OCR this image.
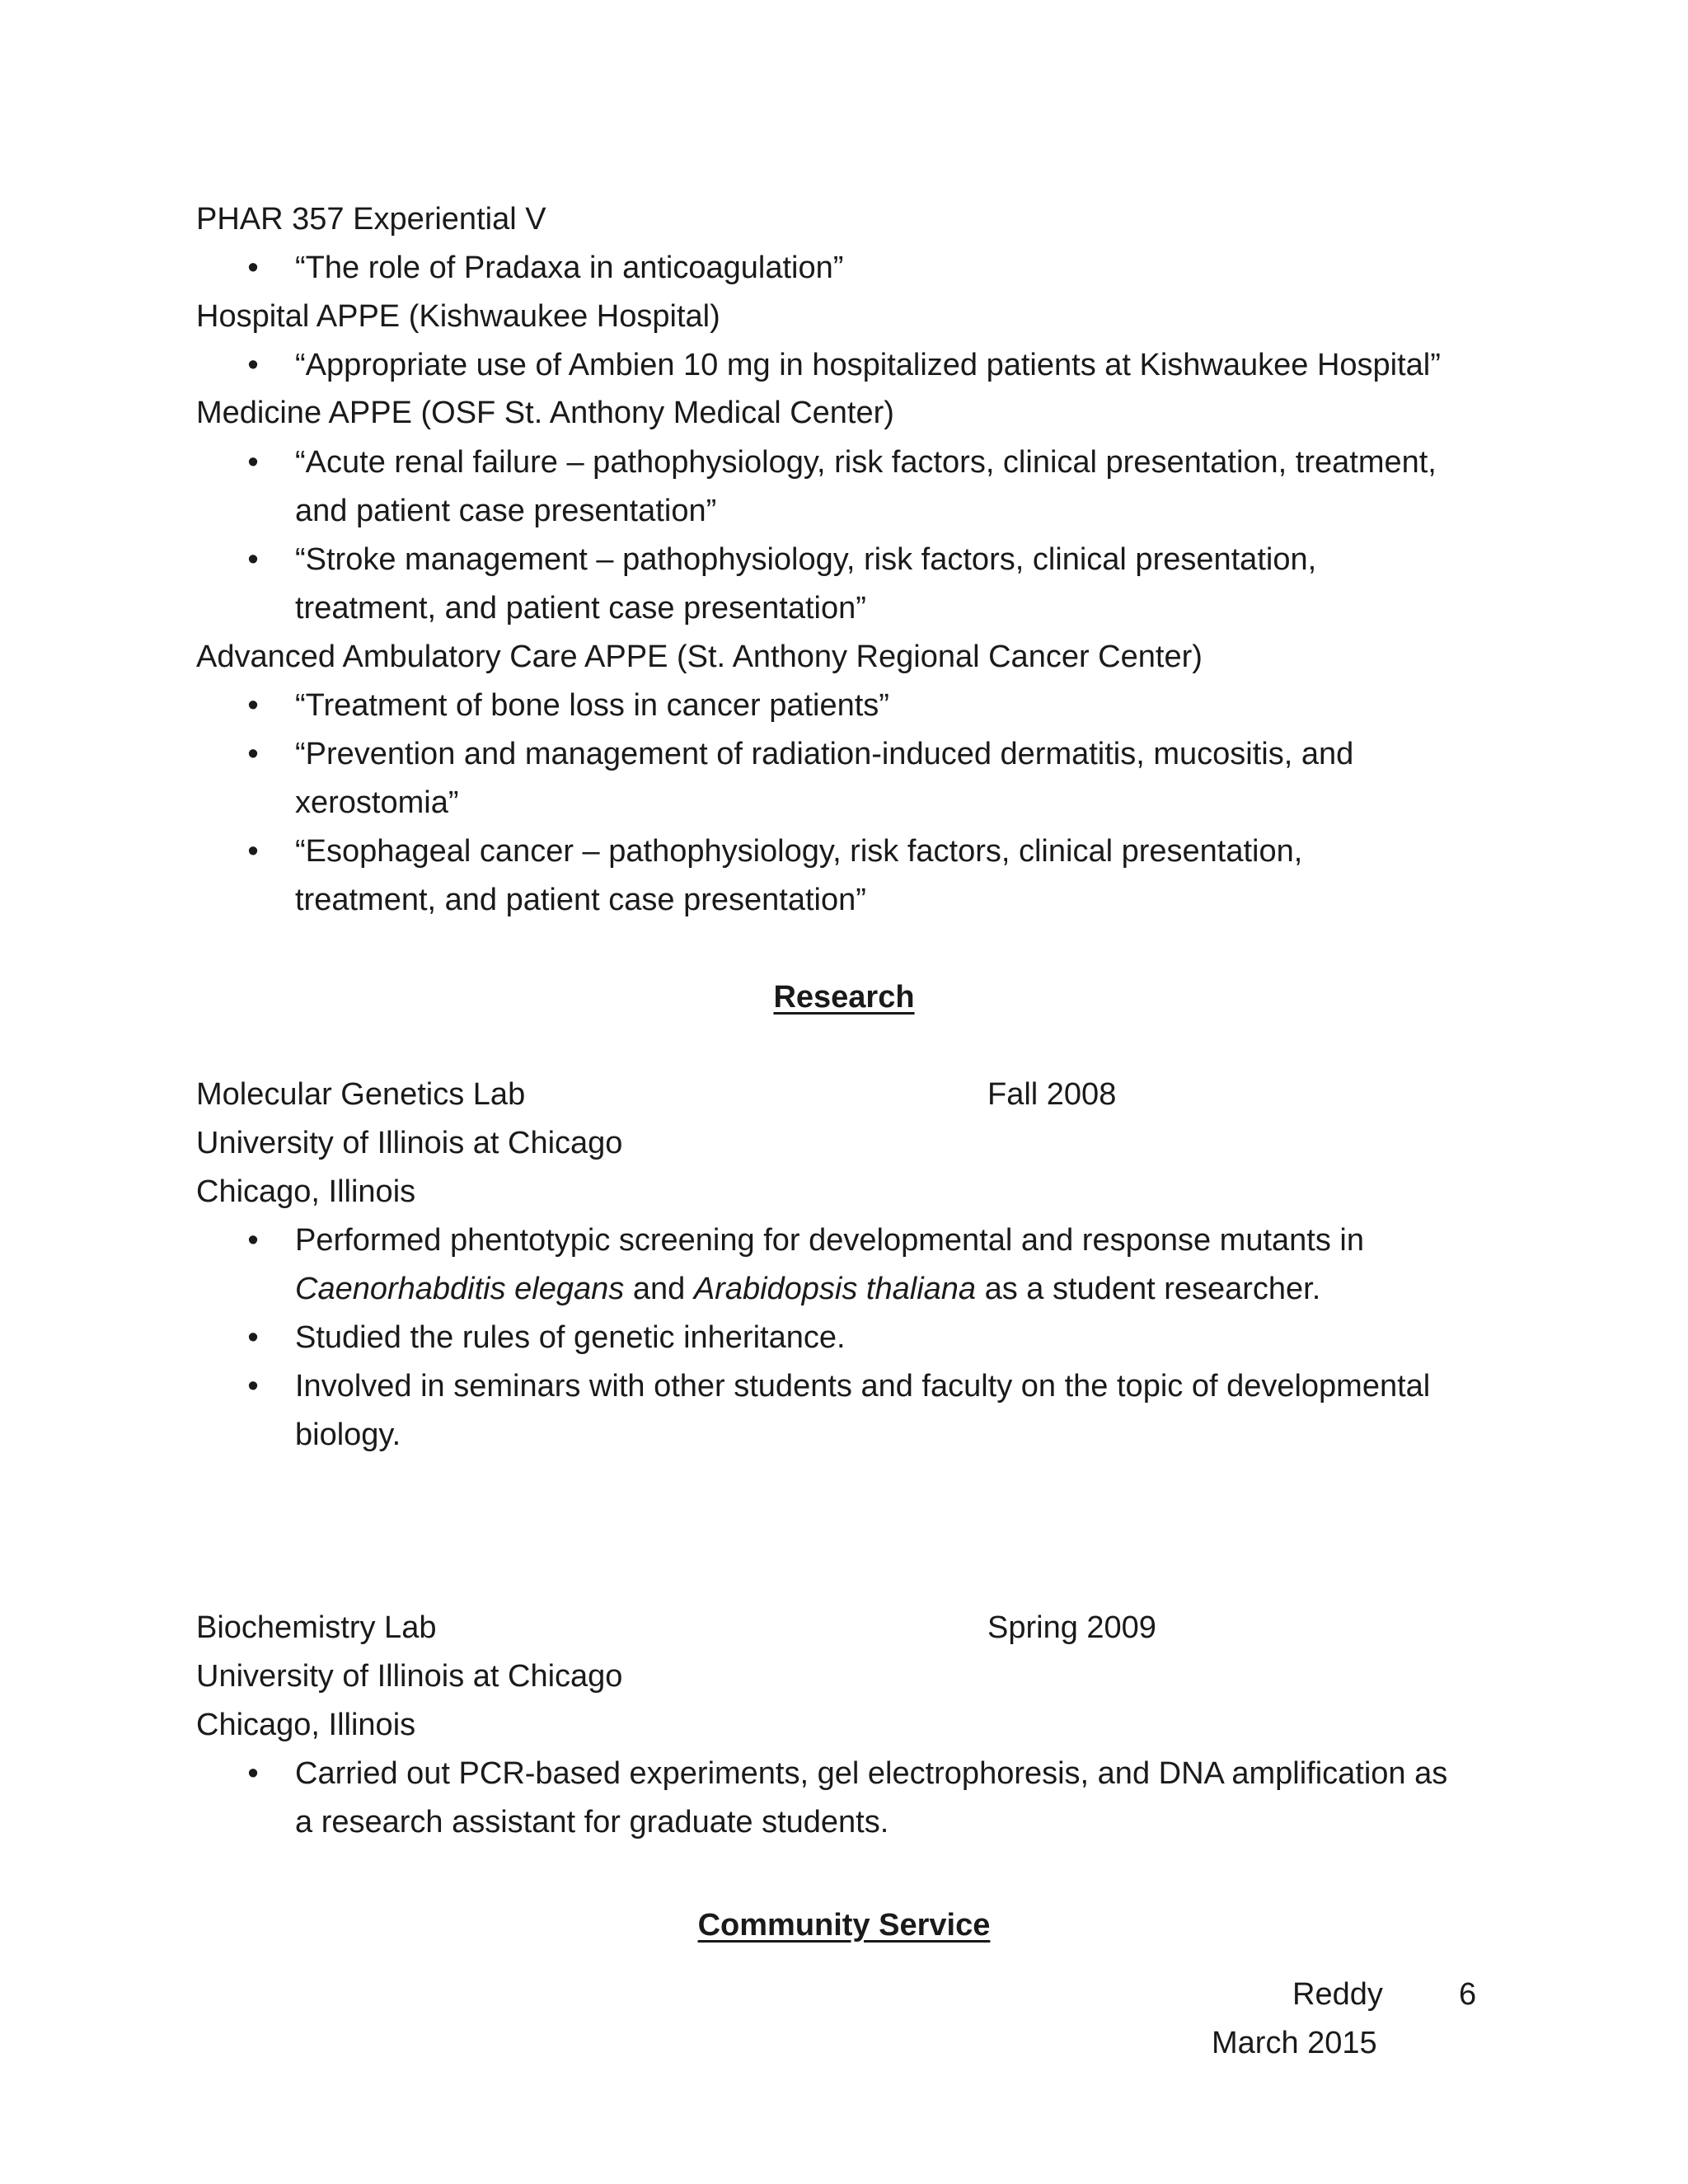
PHAR 357 Experiential V
• “The role of Pradaxa in anticoagulation”
Hospital APPE (Kishwaukee Hospital)
• “Appropriate use of Ambien 10 mg in hospitalized patients at Kishwaukee Hospital”
Medicine APPE (OSF St. Anthony Medical Center)
• “Acute renal failure – pathophysiology, risk factors, clinical presentation, treatment,
and patient case presentation”
• “Stroke management – pathophysiology, risk factors, clinical presentation,
treatment, and patient case presentation”
Advanced Ambulatory Care APPE (St. Anthony Regional Cancer Center)
• “Treatment of bone loss in cancer patients”
• “Prevention and management of radiation-induced dermatitis, mucositis, and
xerostomia”
• “Esophageal cancer – pathophysiology, risk factors, clinical presentation,
treatment, and patient case presentation”
Research
Molecular Genetics Lab	Fall 2008
University of Illinois at Chicago
Chicago, Illinois
• Performed phentotypic screening for developmental and response mutants in
Caenorhabditis elegans and Arabidopsis thaliana as a student researcher.
• Studied the rules of genetic inheritance.
• Involved in seminars with other students and faculty on the topic of developmental
biology.
Biochemistry Lab	Spring 2009
University of Illinois at Chicago
Chicago, Illinois
• Carried out PCR-based experiments, gel electrophoresis, and DNA amplification as
a research assistant for graduate students.
Community Service
Reddy 6
March 2015
